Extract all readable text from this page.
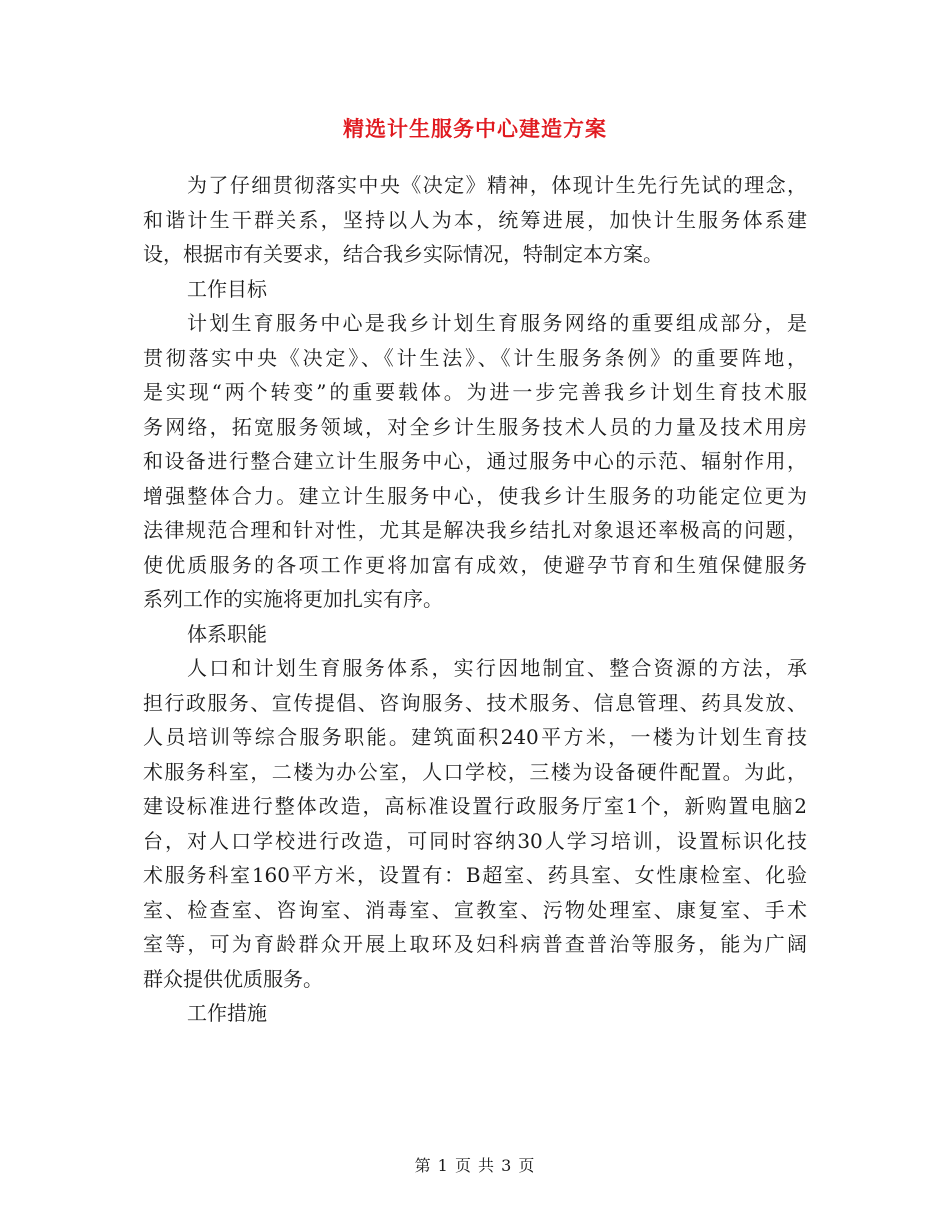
精选计生服务中心建造方案
为了仔细贯彻落实中央《决定》精神，体现计生先行先试的理念，
和谐计生干群关系，坚持以人为本，统筹进展，加快计生服务体系建
设，根据市有关要求，结合我乡实际情况，特制定本方案。
工作目标
计划生育服务中心是我乡计划生育服务网络的重要组成部分，是
贯彻落实中央《决定》、《计生法》、《计生服务条例》的重要阵地，
是实现“两个转变”的重要载体。为进一步完善我乡计划生育技术服
务网络，拓宽服务领域，对全乡计生服务技术人员的力量及技术用房
和设备进行整合建立计生服务中心，通过服务中心的示范、辐射作用，
增强整体合力。建立计生服务中心，使我乡计生服务的功能定位更为
法律规范合理和针对性，尤其是解决我乡结扎对象退还率极高的问题，
使优质服务的各项工作更将加富有成效，使避孕节育和生殖保健服务
系列工作的实施将更加扎实有序。
体系职能
人口和计划生育服务体系，实行因地制宜、整合资源的方法，承
担行政服务、宣传提倡、咨询服务、技术服务、信息管理、药具发放、
人员培训等综合服务职能。建筑面积240平方米，一楼为计划生育技
术服务科室，二楼为办公室，人口学校，三楼为设备硬件配置。为此，
建设标准进行整体改造，高标准设置行政服务厅室1个，新购置电脑2
台，对人口学校进行改造，可同时容纳30人学习培训，设置标识化技
术服务科室160平方米，设置有：B超室、药具室、女性康检室、化验
室、检查室、咨询室、消毒室、宣教室、污物处理室、康复室、手术
室等，可为育龄群众开展上取环及妇科病普查普治等服务，能为广阔
群众提供优质服务。
工作措施
第 1 页 共 3 页
